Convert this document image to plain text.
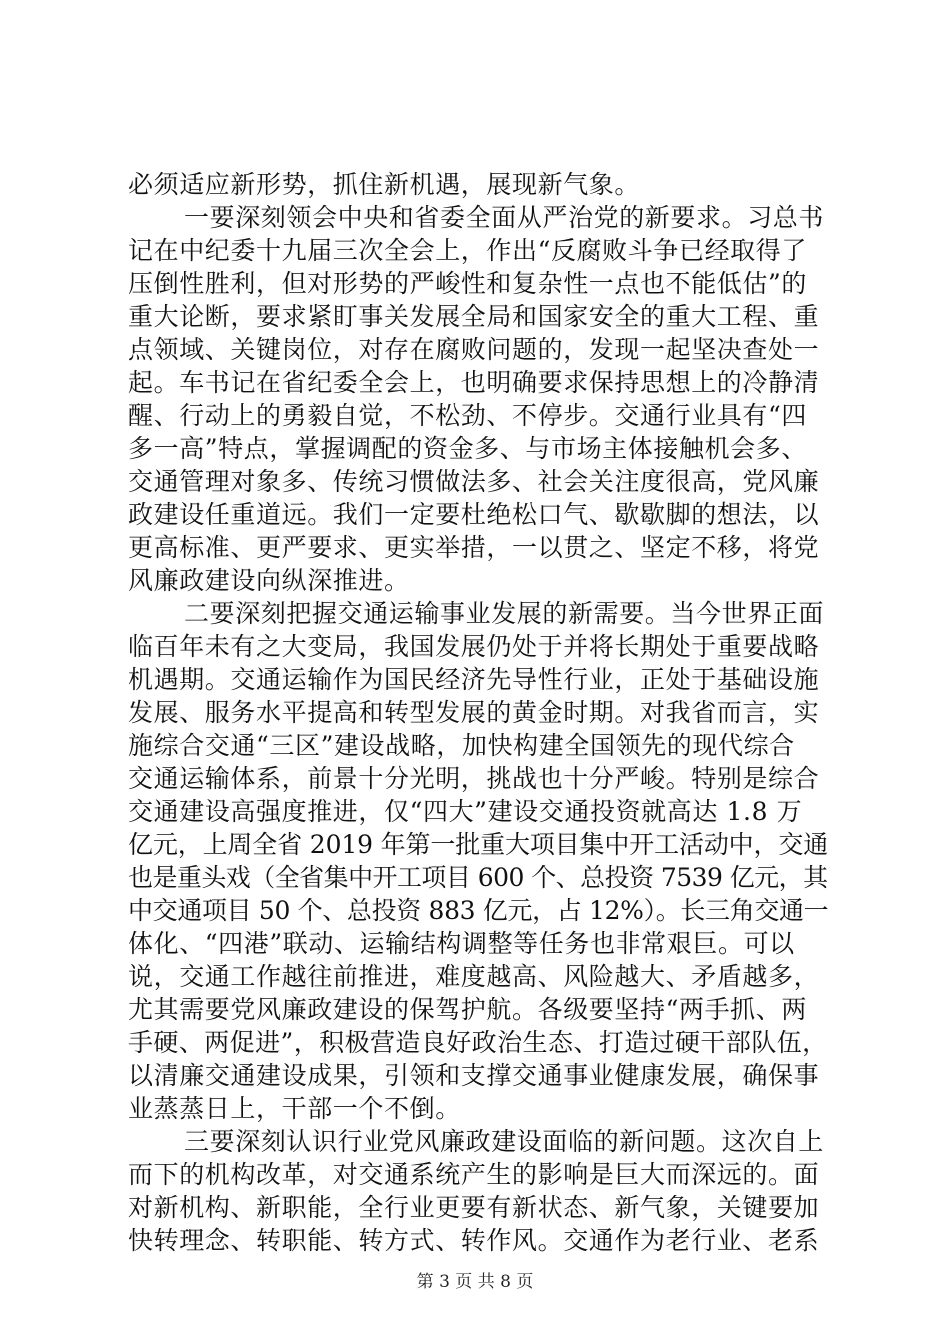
必须适应新形势，抓住新机遇，展现新气象。
一要深刻领会中央和省委全面从严治党的新要求。习总书
记在中纪委十九届三次全会上，作出“反腐败斗争已经取得了
压倒性胜利，但对形势的严峻性和复杂性一点也不能低估”的
重大论断，要求紧盯事关发展全局和国家安全的重大工程、重
点领域、关键岗位，对存在腐败问题的，发现一起坚决查处一
起。车书记在省纪委全会上，也明确要求保持思想上的冷静清
醒、行动上的勇毅自觉，不松劲、不停步。交通行业具有“四
多一高”特点，掌握调配的资金多、与市场主体接触机会多、
交通管理对象多、传统习惯做法多、社会关注度很高，党风廉
政建设任重道远。我们一定要杜绝松口气、歇歇脚的想法，以
更高标准、更严要求、更实举措，一以贯之、坚定不移，将党
风廉政建设向纵深推进。
二要深刻把握交通运输事业发展的新需要。当今世界正面
临百年未有之大变局，我国发展仍处于并将长期处于重要战略
机遇期。交通运输作为国民经济先导性行业，正处于基础设施
发展、服务水平提高和转型发展的黄金时期。对我省而言，实
施综合交通“三区”建设战略，加快构建全国领先的现代综合
交通运输体系，前景十分光明，挑战也十分严峻。特别是综合
交通建设高强度推进，仅“四大”建设交通投资就高达 1.8 万
亿元，上周全省 2019 年第一批重大项目集中开工活动中，交通
也是重头戏（全省集中开工项目 600 个、总投资 7539 亿元，其
中交通项目 50 个、总投资 883 亿元，占 12%）。长三角交通一
体化、“四港”联动、运输结构调整等任务也非常艰巨。可以
说，交通工作越往前推进，难度越高、风险越大、矛盾越多，
尤其需要党风廉政建设的保驾护航。各级要坚持“两手抓、两
手硬、两促进”，积极营造良好政治生态、打造过硬干部队伍，
以清廉交通建设成果，引领和支撑交通事业健康发展，确保事
业蒸蒸日上，干部一个不倒。
三要深刻认识行业党风廉政建设面临的新问题。这次自上
而下的机构改革，对交通系统产生的影响是巨大而深远的。面
对新机构、新职能，全行业更要有新状态、新气象，关键要加
快转理念、转职能、转方式、转作风。交通作为老行业、老系
第 3 页 共 8 页
